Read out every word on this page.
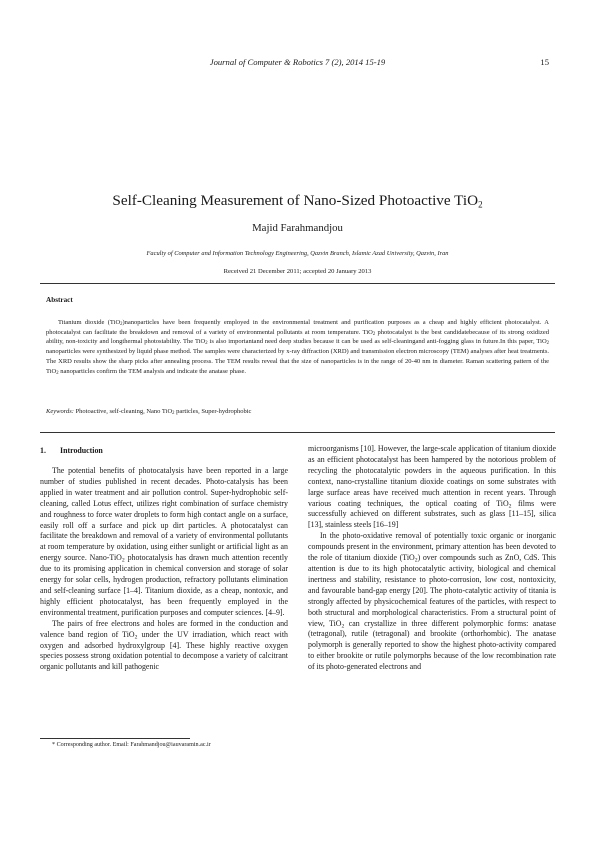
Journal of Computer & Robotics 7 (2), 2014 15-19	15
Self-Cleaning Measurement of Nano-Sized Photoactive TiO$_2$
Majid Farahmandjou
Faculty of Computer and Information Technology Engineering, Qazvin Branch, Islamic Azad University, Qazvin, Iran
Received 21 December 2011; accepted 20 January 2013
Abstract

Titanium dioxide (TiO$_2$)nanoparticles have been frequently employed in the environmental treatment and purification purposes as a cheap and highly efficient photocatalyst. A photocatalyst can facilitate the breakdown and removal of a variety of environmental pollutants at room temperature. TiO$_2$ photocatalyst is the best candidatebecause of its strong oxidized ability, non-toxicity and longthermal photostability. The TiO$_2$ is also importantand need deep studies because it can be used as self-cleaningand anti-fogging glass in future.In this paper, TiO$_2$ nanoparticles were synthesized by liquid phase method. The samples were characterized by x-ray diffraction (XRD) and transmission electron microscopy (TEM) analyses after heat treatments. The XRD results show the sharp picks after annealing process. The TEM results reveal that the size of nanoparticles is in the range of 20-40 nm in diameter. Raman scattering pattern of the TiO$_2$ nanoparticles confirm the TEM analysis and indicate the anatase phase.

Keywords: Photoactive, self-cleaning, Nano TiO$_2$ particles, Super-hydrophobic
1. Introduction

The potential benefits of photocatalysis have been reported in a large number of studies published in recent decades. Photo-catalysis has been applied in water treatment and air pollution control. Super-hydrophobic self-cleaning, called Lotus effect, utilizes right combination of surface chemistry and roughness to force water droplets to form high contact angle on a surface, easily roll off a surface and pick up dirt particles. A photocatalyst can facilitate the breakdown and removal of a variety of environmental pollutants at room temperature by oxidation, using either sunlight or artificial light as an energy source. Nano-TiO$_2$ photocatalysis has drawn much attention recently due to its promising application in chemical conversion and storage of solar energy for solar cells, hydrogen production, refractory pollutants elimination and self-cleaning surface [1–4]. Titanium dioxide, as a cheap, nontoxic, and highly efficient photocatalyst, has been frequently employed in the environmental treatment, purification purposes and computer sciences. [4–9].

The pairs of free electrons and holes are formed in the conduction and valence band region of TiO$_2$ under the UV irradiation, which react with oxygen and adsorbed hydroxylgroup [4]. These highly reactive oxygen species possess strong oxidation potential to decompose a variety of calcitrant organic pollutants and kill pathogenic

microorganisms [10]. However, the large-scale application of titanium dioxide as an efficient photocatalyst has been hampered by the notorious problem of recycling the photocatalytic powders in the aqueous purification. In this context, nano-crystalline titanium dioxide coatings on some substrates with large surface areas have received much attention in recent years. Through various coating techniques, the optical coating of TiO$_2$ films were successfully achieved on different substrates, such as glass [11–15], silica [13], stainless steels [16–19]

In the photo-oxidative removal of potentially toxic organic or inorganic compounds present in the environment, primary attention has been devoted to the role of titanium dioxide (TiO$_2$) over compounds such as ZnO, CdS. This attention is due to its high photocatalytic activity, biological and chemical inertness and stability, resistance to photo-corrosion, low cost, nontoxicity, and favourable band-gap energy [20]. The photo-catalytic activity of titania is strongly affected by physicochemical features of the particles, with respect to both structural and morphological characteristics. From a structural point of view, TiO$_2$ can crystallize in three different polymorphic forms: anatase (tetragonal), rutile (tetragonal) and brookite (orthorhombic). The anatase polymorph is generally reported to show the highest photo-activity compared to either brookite or rutile polymorphs because of the low recombination rate of its photo-generated electrons and

* Corresponding author. Email: Farahmandjou@iauvaramin.ac.ir
